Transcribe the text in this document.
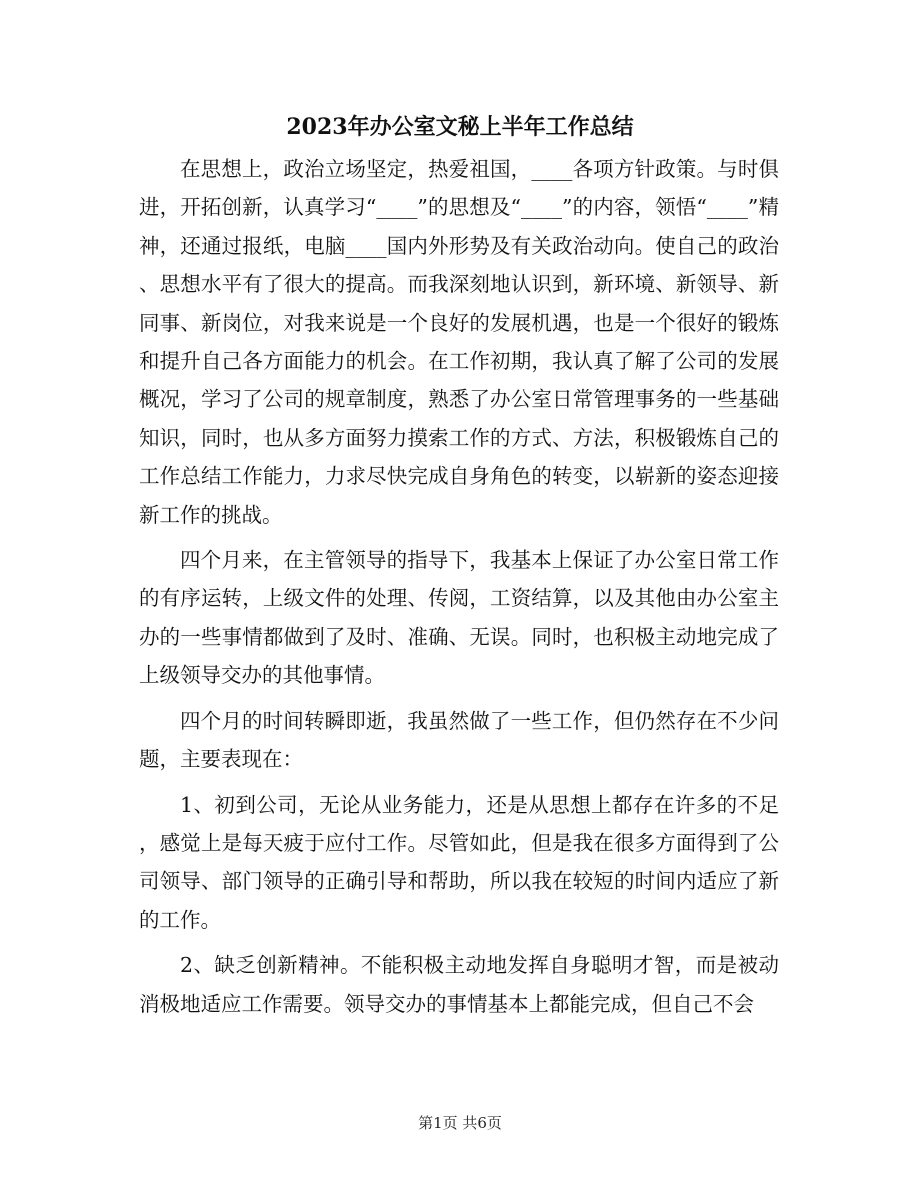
2023年办公室文秘上半年工作总结

在思想上，政治立场坚定，热爱祖国，____各项方针政策。与时俱进，开拓创新，认真学习“____”的思想及“____”的内容，领悟“____”精神，还通过报纸，电脑____国内外形势及有关政治动向。使自己的政治、思想水平有了很大的提高。而我深刻地认识到，新环境、新领导、新同事、新岗位，对我来说是一个良好的发展机遇，也是一个很好的锻炼和提升自己各方面能力的机会。在工作初期，我认真了解了公司的发展概况，学习了公司的规章制度，熟悉了办公室日常管理事务的一些基础知识，同时，也从多方面努力摸索工作的方式、方法，积极锻炼自己的工作总结工作能力，力求尽快完成自身角色的转变，以崭新的姿态迎接新工作的挑战。

四个月来，在主管领导的指导下，我基本上保证了办公室日常工作的有序运转，上级文件的处理、传阅，工资结算，以及其他由办公室主办的一些事情都做到了及时、准确、无误。同时，也积极主动地完成了上级领导交办的其他事情。

四个月的时间转瞬即逝，我虽然做了一些工作，但仍然存在不少问题，主要表现在：

1、初到公司，无论从业务能力，还是从思想上都存在许多的不足，感觉上是每天疲于应付工作。尽管如此，但是我在很多方面得到了公司领导、部门领导的正确引导和帮助，所以我在较短的时间内适应了新的工作。

2、缺乏创新精神。不能积极主动地发挥自身聪明才智，而是被动消极地适应工作需要。领导交办的事情基本上都能完成，但自己不会

第1页 共6页
